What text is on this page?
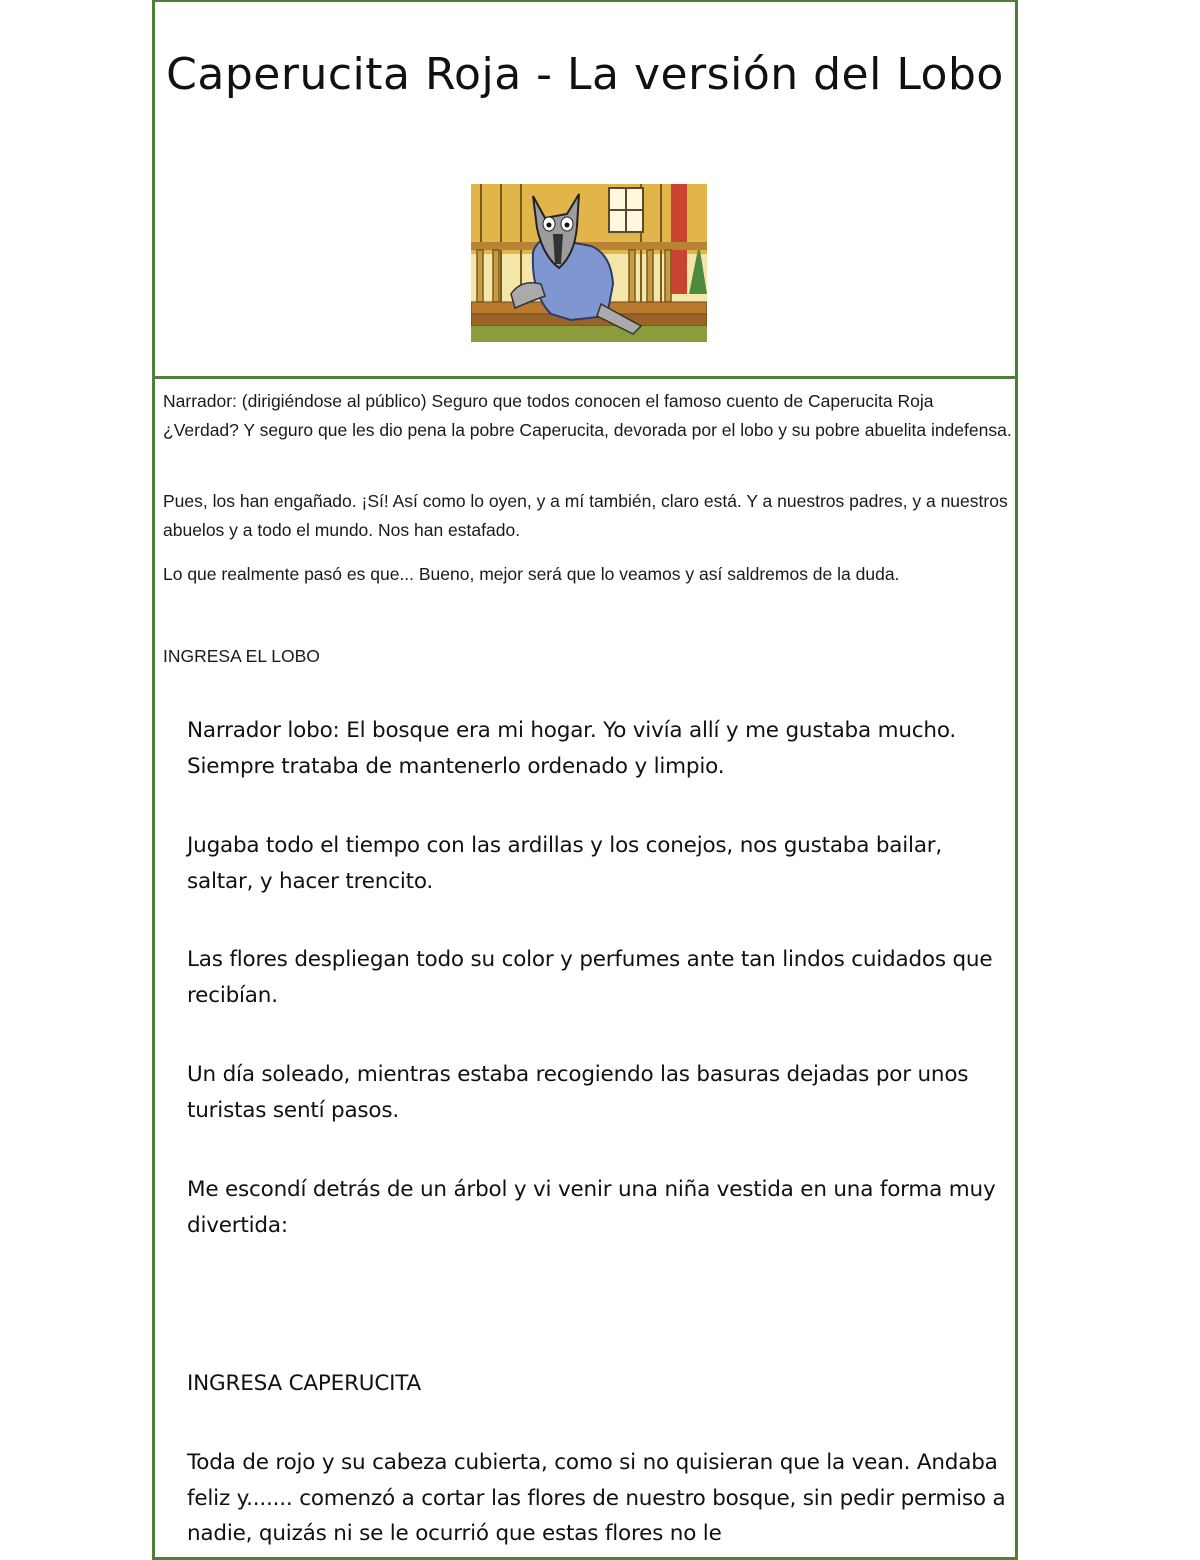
Caperucita Roja - La versión del Lobo

Narrador: (dirigiéndose al público) Seguro que todos conocen el famoso cuento de Caperucita Roja ¿Verdad? Y seguro que les dio pena la pobre Caperucita, devorada por el lobo y su pobre abuelita indefensa.

Pues, los han engañado. ¡Sí! Así como lo oyen, y a mí también, claro está. Y a nuestros padres, y a nuestros abuelos y a todo el mundo. Nos han estafado.

Lo que realmente pasó es que... Bueno, mejor será que lo veamos y así saldremos de la duda.

INGRESA EL LOBO

Narrador lobo: El bosque era mi hogar. Yo vivía allí y me gustaba mucho. Siempre trataba de mantenerlo ordenado y limpio.

Jugaba todo el tiempo con las ardillas y los conejos, nos gustaba bailar, saltar, y hacer trencito.

Las flores despliegan todo su color y perfumes ante tan lindos cuidados que recibían.

Un día soleado, mientras estaba recogiendo las basuras dejadas por unos turistas sentí pasos.

Me escondí detrás de un árbol y vi venir una niña vestida en una forma muy divertida:

INGRESA CAPERUCITA

Toda de rojo y su cabeza cubierta, como si no quisieran que la vean. Andaba feliz y....... comenzó a cortar las flores de nuestro bosque, sin pedir permiso a nadie, quizás ni se le ocurrió que estas flores no le
